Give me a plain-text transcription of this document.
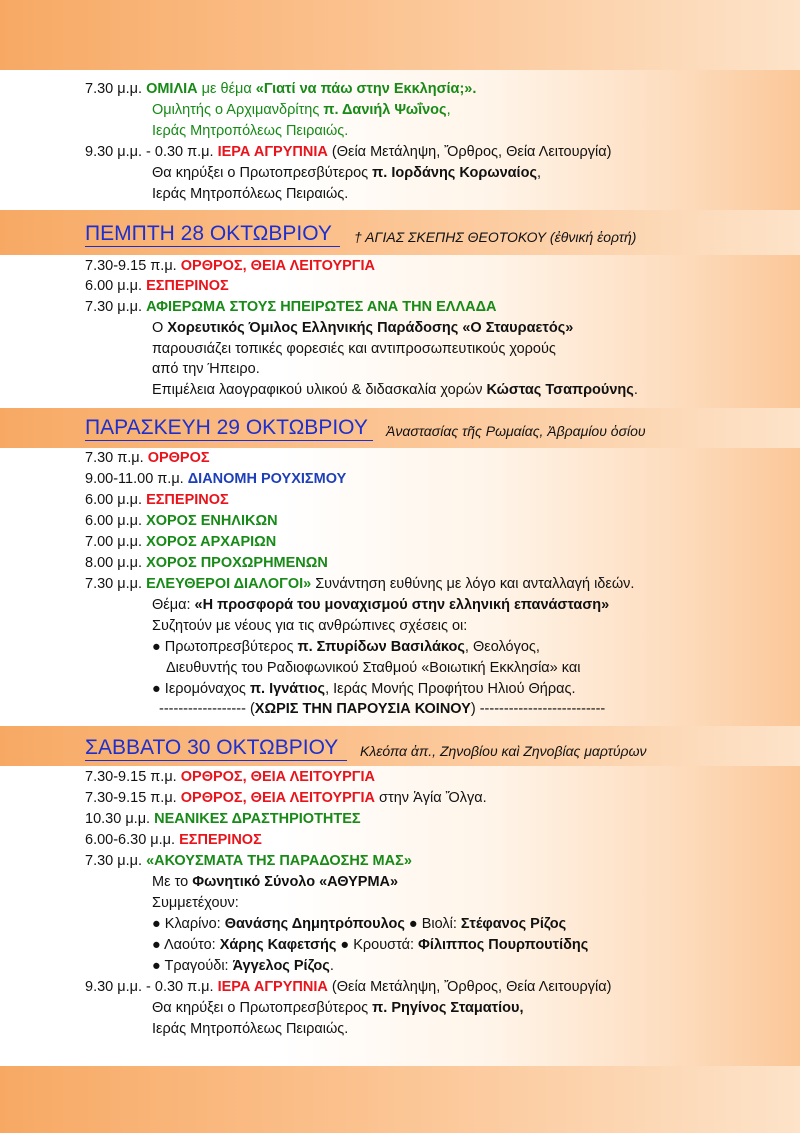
7.30 μ.μ. ΟΜΙΛΙΑ με θέμα «Γιατί να πάω στην Εκκλησία;».
Ομιλητής ο Αρχιμανδρίτης π. Δανιήλ Ψωΐνος,
Ιεράς Μητροπόλεως Πειραιώς.
9.30 μ.μ. - 0.30 π.μ. ΙΕΡΑ ΑΓΡΥΠΝΙΑ (Θεία Μετάληψη, Ὄρθρος, Θεία Λειτουργία)
Θα κηρύξει ο Πρωτοπρεσβύτερος π. Ιορδάνης Κορωναίος,
Ιεράς Μητροπόλεως Πειραιώς.
ΠΕΜΠΤΗ 28 ΟΚΤΩΒΡΙΟΥ † ΑΓΙΑΣ ΣΚΕΠΗΣ ΘΕΟΤΟΚΟΥ (ἐθνική ἑορτή)
7.30-9.15 π.μ. ΟΡΘΡΟΣ, ΘΕΙΑ ΛΕΙΤΟΥΡΓΙΑ
6.00 μ.μ. ΕΣΠΕΡΙΝΟΣ
7.30 μ.μ. ΑΦΙΕΡΩΜΑ ΣΤΟΥΣ ΗΠΕΙΡΩΤΕΣ ΑΝΑ ΤΗΝ ΕΛΛΑΔΑ
Ο Χορευτικός Όμιλος Ελληνικής Παράδοσης «Ο Σταυραετός»
παρουσιάζει τοπικές φορεσιές και αντιπροσωπευτικούς χορούς
από την Ήπειρο.
Επιμέλεια λαογραφικού υλικού & διδασκαλία χορών Κώστας Τσαπρούνης.
ΠΑΡΑΣΚΕΥΗ 29 ΟΚΤΩΒΡΙΟΥ Ἀναστασίας τῆς Ρωμαίας, Ἀβραμίου ὁσίου
7.30 π.μ. ΟΡΘΡΟΣ
9.00-11.00 π.μ. ΔΙΑΝΟΜΗ ΡΟΥΧΙΣΜΟΥ
6.00 μ.μ. ΕΣΠΕΡΙΝΟΣ
6.00 μ.μ. ΧΟΡΟΣ ΕΝΗΛΙΚΩΝ
7.00 μ.μ. ΧΟΡΟΣ ΑΡΧΑΡΙΩΝ
8.00 μ.μ. ΧΟΡΟΣ ΠΡΟΧΩΡΗΜΕΝΩΝ
7.30 μ.μ. ΕΛΕΥΘΕΡΟΙ ΔΙΑΛΟΓΟΙ» Συνάντηση ευθύνης με λόγο και ανταλλαγή ιδεών.
Θέμα: «Η προσφορά του μοναχισμού στην ελληνική επανάσταση»
Συζητούν με νέους για τις ανθρώπινες σχέσεις οι:
● Πρωτοπρεσβύτερος π. Σπυρίδων Βασιλάκος, Θεολόγος,
Διευθυντής του Ραδιοφωνικού Σταθμού «Βοιωτική Εκκλησία» και
● Ιερομόναχος π. Ιγνάτιος, Ιεράς Μονής Προφήτου Ηλιού Θήρας.
------------------ (ΧΩΡΙΣ ΤΗΝ ΠΑΡΟΥΣΙΑ ΚΟΙΝΟΥ) --------------------------
ΣΑΒΒΑΤΟ 30 ΟΚΤΩΒΡΙΟΥ Κλεόπα ἀπ., Ζηνοβίου καὶ Ζηνοβίας μαρτύρων
7.30-9.15 π.μ. ΟΡΘΡΟΣ, ΘΕΙΑ ΛΕΙΤΟΥΡΓΙΑ
7.30-9.15 π.μ. ΟΡΘΡΟΣ, ΘΕΙΑ ΛΕΙΤΟΥΡΓΙΑ στην Ἁγία Ὄλγα.
10.30 μ.μ. ΝΕΑΝΙΚΕΣ ΔΡΑΣΤΗΡΙΟΤΗΤΕΣ
6.00-6.30 μ.μ. ΕΣΠΕΡΙΝΟΣ
7.30 μ.μ. «ΑΚΟΥΣΜΑΤΑ ΤΗΣ ΠΑΡΑΔΟΣΗΣ ΜΑΣ»
Με το Φωνητικό Σύνολο «ΑΘΥΡΜΑ»
Συμμετέχουν:
● Κλαρίνο: Θανάσης Δημητρόπουλος ● Βιολί: Στέφανος Ρίζος
● Λαούτο: Χάρης Καφετσής ● Κρουστά: Φίλιππος Πουρπουτίδης
● Τραγούδι: Άγγελος Ρίζος.
9.30 μ.μ. - 0.30 π.μ. ΙΕΡΑ ΑΓΡΥΠΝΙΑ (Θεία Μετάληψη, Ὄρθρος, Θεία Λειτουργία)
Θα κηρύξει ο Πρωτοπρεσβύτερος π. Ρηγίνος Σταματίου,
Ιεράς Μητροπόλεως Πειραιώς.
